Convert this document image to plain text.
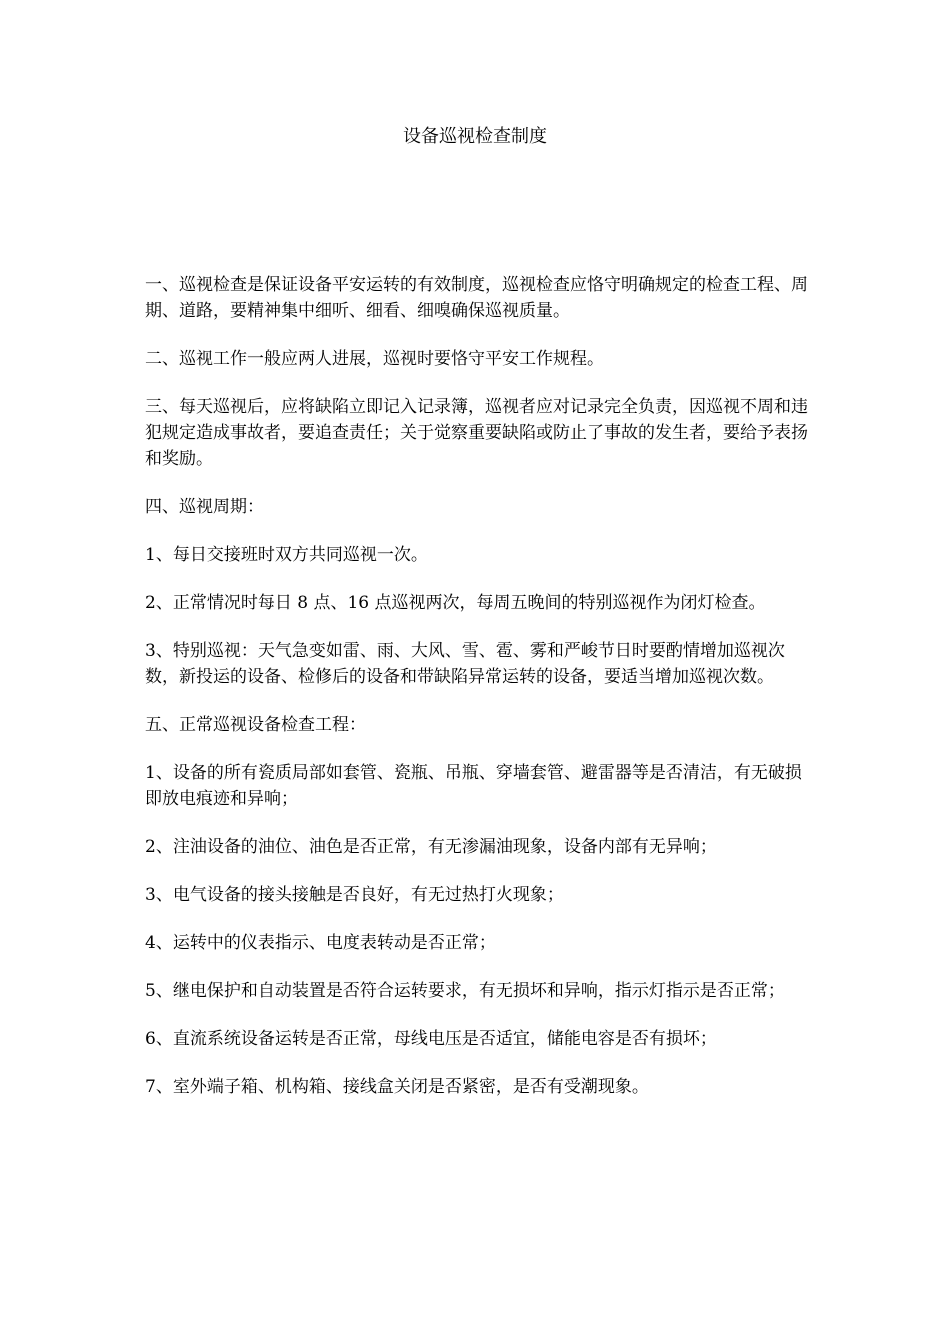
设备巡视检查制度

一、巡视检查是保证设备平安运转的有效制度，巡视检查应恪守明确规定的检查工程、周期、道路，要精神集中细听、细看、细嗅确保巡视质量。

二、巡视工作一般应两人进展，巡视时要恪守平安工作规程。

三、每天巡视后，应将缺陷立即记入记录簿，巡视者应对记录完全负责，因巡视不周和违犯规定造成事故者，要追查责任；关于觉察重要缺陷或防止了事故的发生者，要给予表扬和奖励。

四、巡视周期：

1、每日交接班时双方共同巡视一次。

2、正常情况时每日 8 点、16 点巡视两次，每周五晚间的特别巡视作为闭灯检查。

3、特别巡视：天气急变如雷、雨、大风、雪、雹、雾和严峻节日时要酌情增加巡视次数，新投运的设备、检修后的设备和带缺陷异常运转的设备，要适当增加巡视次数。

五、正常巡视设备检查工程：

1、设备的所有瓷质局部如套管、瓷瓶、吊瓶、穿墙套管、避雷器等是否清洁，有无破损即放电痕迹和异响；

2、注油设备的油位、油色是否正常，有无渗漏油现象，设备内部有无异响；

3、电气设备的接头接触是否良好，有无过热打火现象；

4、运转中的仪表指示、电度表转动是否正常；

5、继电保护和自动装置是否符合运转要求，有无损坏和异响，指示灯指示是否正常；

6、直流系统设备运转是否正常，母线电压是否适宜，储能电容是否有损坏；

7、室外端子箱、机构箱、接线盒关闭是否紧密，是否有受潮现象。
